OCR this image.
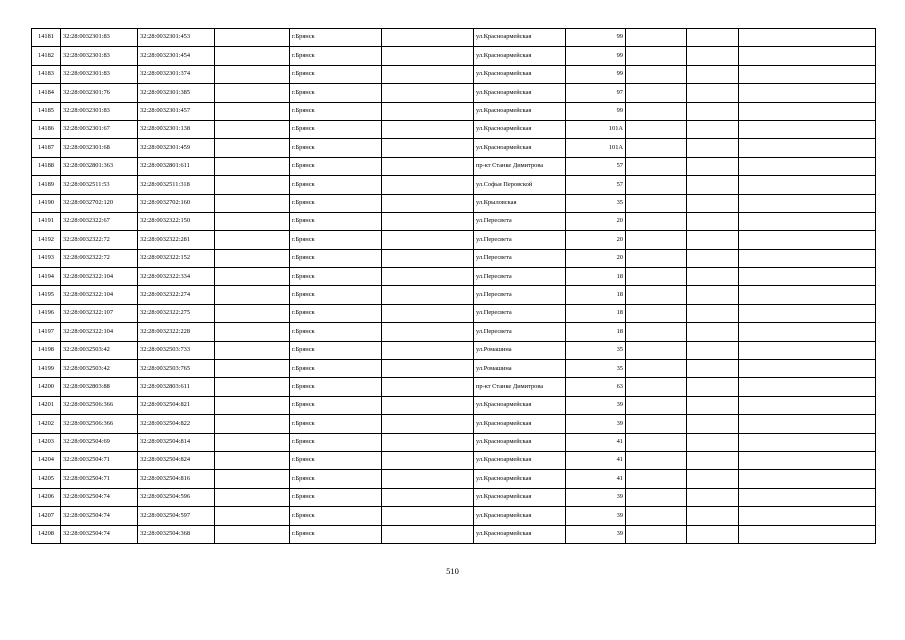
14181	32:28:0032301:83	32:28:0032301:453		г.Брянск		ул.Красноармейская	99			
14182	32:28:0032301:83	32:28:0032301:454		г.Брянск		ул.Красноармейская	99			
14183	32:28:0032301:83	32:28:0032301:374		г.Брянск		ул.Красноармейская	99			
14184	32:28:0032301:76	32:28:0032301:385		г.Брянск		ул.Красноармейская	97			
14185	32:28:0032301:83	32:28:0032301:457		г.Брянск		ул.Красноармейская	99			
14186	32:28:0032301:67	32:28:0032301:138		г.Брянск		ул.Красноармейская	101А			
14187	32:28:0032301:68	32:28:0032301:459		г.Брянск		ул.Красноармейская	101А			
14188	32:28:0032801:363	32:28:0032801:611		г.Брянск		пр-кт Станке Димитрова	57			
14189	32:28:0032511:53	32:28:0032511:318		г.Брянск		ул.Софьи Перовской	57			
14190	32:28:0032702:120	32:28:0032702:160		г.Брянск		ул.Крыловская	35			
14191	32:28:0032322:67	32:28:0032322:150		г.Брянск		ул.Пересвета	20			
14192	32:28:0032322:72	32:28:0032322:281		г.Брянск		ул.Пересвета	20			
14193	32:28:0032322:72	32:28:0032322:152		г.Брянск		ул.Пересвета	20			
14194	32:28:0032322:104	32:28:0032322:334		г.Брянск		ул.Пересвета	18			
14195	32:28:0032322:104	32:28:0032322:274		г.Брянск		ул.Пересвета	18			
14196	32:28:0032322:107	32:28:0032322:275		г.Брянск		ул.Пересвета	18			
14197	32:28:0032322:104	32:28:0032322:228		г.Брянск		ул.Пересвета	18			
14198	32:28:0032503:42	32:28:0032503:733		г.Брянск		ул.Ромашина	35			
14199	32:28:0032503:42	32:28:0032503:765		г.Брянск		ул.Ромашина	35			
14200	32:28:0032803:88	32:28:0032803:611		г.Брянск		пр-кт Станке Димитрова	63			
14201	32:28:0032506:366	32:28:0032504:821		г.Брянск		ул.Красноармейская	39			
14202	32:28:0032506:366	32:28:0032504:822		г.Брянск		ул.Красноармейская	39			
14203	32:28:0032504:69	32:28:0032504:814		г.Брянск		ул.Красноармейская	41			
14204	32:28:0032504:71	32:28:0032504:824		г.Брянск		ул.Красноармейская	41			
14205	32:28:0032504:71	32:28:0032504:816		г.Брянск		ул.Красноармейская	41			
14206	32:28:0032504:74	32:28:0032504:596		г.Брянск		ул.Красноармейская	39			
14207	32:28:0032504:74	32:28:0032504:597		г.Брянск		ул.Красноармейская	39			
14208	32:28:0032504:74	32:28:0032504:368		г.Брянск		ул.Красноармейская	39			
510
